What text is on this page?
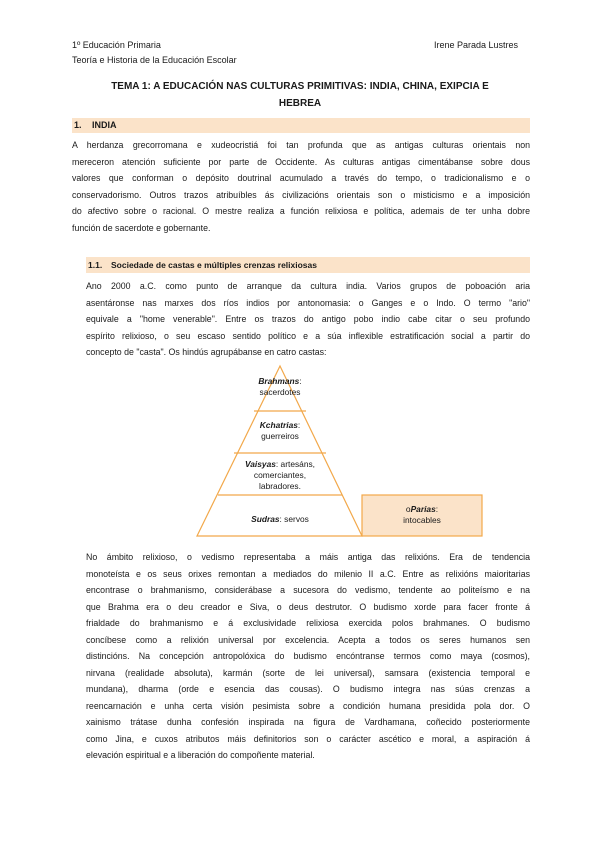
1º Educación Primaria
Teoría e Historia de la Educación Escolar
Irene Parada Lustres
TEMA 1: A EDUCACIÓN NAS CULTURAS PRIMITIVAS: INDIA, CHINA, EXIPCIA E
HEBREA
1. INDIA
A herdanza grecorromana e xudeocristiá foi tan profunda que as antigas culturas orientais non
mereceron atención suficiente por parte de Occidente. As culturas antigas cimentábanse sobre dous
valores que conforman o depósito doutrinal acumulado a través do tempo, o tradicionalismo e o
conservadorismo. Outros trazos atribuíbles ás civilizacións orientais son o misticismo e a imposición
do afectivo sobre o racional. O mestre realiza a función relixiosa e política, ademais de ter unha dobre
función de sacerdote e gobernante.
1.1. Sociedade de castas e múltiples crenzas relixiosas
Ano 2000 a.C. como punto de arranque da cultura india. Varios grupos de poboación aria
asentáronse nas marxes dos ríos indios por antonomasia: o Ganges e o Indo. O termo "ario"
equivale a "home venerable". Entre os trazos do antigo pobo indio cabe citar o seu profundo
espírito relixioso, o seu escaso sentido político e a súa inflexible estratificación social a partir do
concepto de "casta". Os hindús agrupábanse en catro castas:
Brahmans:
sacerdotes
Kchatrias:
guerreiros
Vaisyas: artesáns,
comerciantes,
labradores.
Sudras: servos
oParias:
intocables
No ámbito relixioso, o vedismo representaba a máis antiga das relixións. Era de tendencia
monoteísta e os seus orixes remontan a mediados do milenio II a.C. Entre as relixións maioritarias
encontrase o brahmanismo, considerábase a sucesora do vedismo, tendente ao politeísmo e na
que Brahma era o deu creador e Siva, o deus destrutor. O budismo xorde para facer fronte á
frialdade do brahmanismo e á exclusividade relixiosa exercida polos brahmanes. O budismo
concíbese como a relixión universal por excelencia. Acepta a todos os seres humanos sen
distincións. Na concepción antropolóxica do budismo encóntranse termos como maya (cosmos),
nirvana (realidade absoluta), karmán (sorte de lei universal), samsara (existencia temporal e
mundana), dharma (orde e esencia das cousas). O budismo integra nas súas crenzas a
reencarnación e unha certa visión pesimista sobre a condición humana presidida pola dor. O
xainismo trátase dunha confesión inspirada na figura de Vardhamana, coñecido posteriormente
como Jina, e cuxos atributos máis definitorios son o carácter ascético e moral, a aspiración á
elevación espiritual e a liberación do compoñente material.
